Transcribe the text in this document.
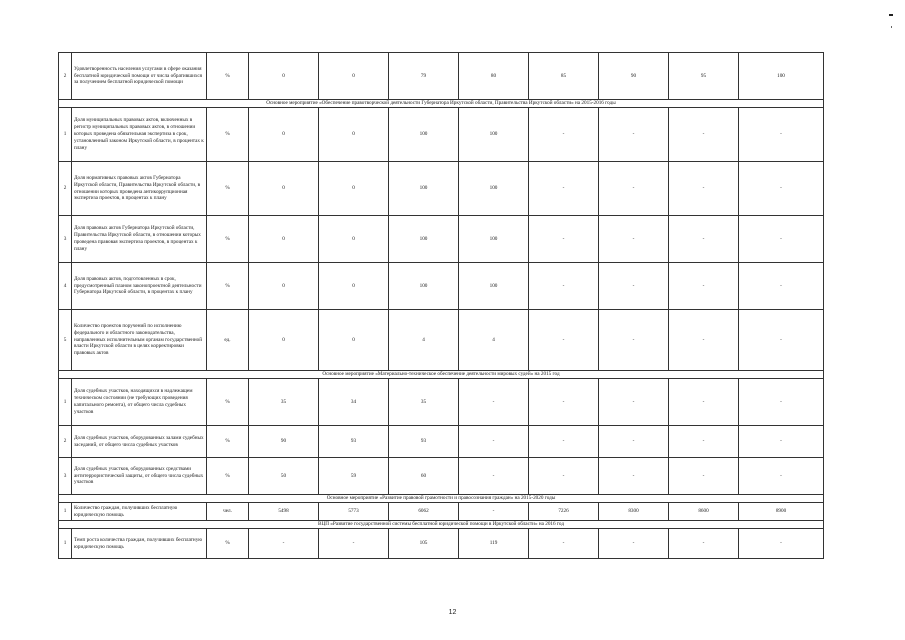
2	Удовлетворенность населения услугами в сфере оказания бесплатной юридической помощи от числа обратившихся за получением бесплатной юридической помощи	%	0	0	79	80	85	90	95	100
Основное мероприятие «Обеспечение правотворческой деятельности Губернатора Иркутской области, Правительства Иркутской области» на 2015-2016 годы										
1	Доля муниципальных правовых актов, включенных в регистр муниципальных правовых актов, в отношении которых проведена обязательная экспертиза в срок, установленный законом Иркутской области, в процентах к плану	%	0	0	100	100	-	-	-	-
2	Доля нормативных правовых актов Губернатора Иркутской области, Правительства Иркутской области, в отношении которых проведена антикоррупционная экспертиза проектов, в процентах к плану	%	0	0	100	100	-	-	-	-
3	Доля правовых актов Губернатора Иркутской области, Правительства Иркутской области, в отношении которых проведена правовая экспертиза проектов, в процентах к плану	%	0	0	100	100	-	-	-	-
4	Доля правовых актов, подготовленных в срок, предусмотренный планом законопроектной деятельности Губернатора Иркутской области, в процентах к плану	%	0	0	100	100	-	-	-	-
5	Количество проектов поручений по исполнению федерального и областного законодательства, направленных исполнительным органам государственной власти Иркутской области в целях корректировки правовых актов	ед.	0	0	4	4	-	-	-	-
Основное мероприятие «Материально-техническое обеспечение деятельности мировых судей» на 2015 год										
1	Доля судебных участков, находящихся в надлежащем техническом состоянии (не требующих проведения капитального ремонта), от общего числа судебных участков	%	35	34	35	-	-	-	-	-
2	Доля судебных участков, оборудованных залами судебных заседаний, от общего числа судебных участков	%	90	93	93	-	-	-	-	-
3	Доля судебных участков, оборудованных средствами антитеррористической защиты, от общего числа судебных участков	%	50	59	60	-	-	-	-	-
Основное мероприятие «Развитие правовой грамотности и правосознания граждан» на 2015-2020 годы										
1	Количество граждан, получивших бесплатную юридическую помощь	чел.	5498	5773	6062	-	7226	8300	8600	8900
ВЦП «Развитие государственной системы бесплатной юридической помощи в Иркутской области» на 2016 год										
1	Темп роста количества граждан, получивших бесплатную юридическую помощь	%	-	-	105	119	-	-	-	-
12
